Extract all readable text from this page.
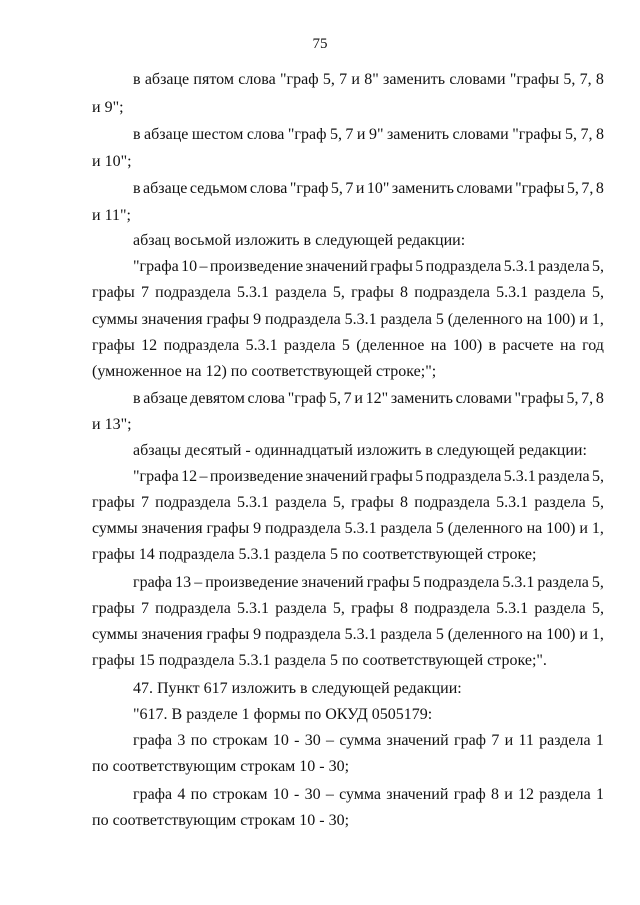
75
в абзаце пятом слова "граф 5, 7 и 8" заменить словами "графы 5, 7, 8
и 9";
в абзаце шестом слова "граф 5, 7 и 9" заменить словами "графы 5, 7, 8
и 10";
в абзаце седьмом слова "граф 5, 7 и 10" заменить словами "графы 5, 7, 8
и 11";
абзац восьмой изложить в следующей редакции:
"графа 10 – произведение значений графы 5 подраздела 5.3.1 раздела 5,
графы 7 подраздела 5.3.1 раздела 5, графы 8 подраздела 5.3.1 раздела 5,
суммы значения графы 9 подраздела 5.3.1 раздела 5 (деленного на 100) и 1,
графы 12 подраздела 5.3.1 раздела 5 (деленное на 100) в расчете на год
(умноженное на 12) по соответствующей строке;";
в абзаце девятом слова "граф 5, 7 и 12" заменить словами "графы 5, 7, 8
и 13";
абзацы десятый - одиннадцатый изложить в следующей редакции:
"графа 12 – произведение значений графы 5 подраздела 5.3.1 раздела 5,
графы 7 подраздела 5.3.1 раздела 5, графы 8 подраздела 5.3.1 раздела 5,
суммы значения графы 9 подраздела 5.3.1 раздела 5 (деленного на 100) и 1,
графы 14 подраздела 5.3.1 раздела 5 по соответствующей строке;
графа 13 – произведение значений графы 5 подраздела 5.3.1 раздела 5,
графы 7 подраздела 5.3.1 раздела 5, графы 8 подраздела 5.3.1 раздела 5,
суммы значения графы 9 подраздела 5.3.1 раздела 5 (деленного на 100) и 1,
графы 15 подраздела 5.3.1 раздела 5 по соответствующей строке;".
47. Пункт 617 изложить в следующей редакции:
"617. В разделе 1 формы по ОКУД 0505179:
графа 3 по строкам 10 - 30 – сумма значений граф 7 и 11 раздела 1
по соответствующим строкам 10 - 30;
графа 4 по строкам 10 - 30 – сумма значений граф 8 и 12 раздела 1
по соответствующим строкам 10 - 30;
